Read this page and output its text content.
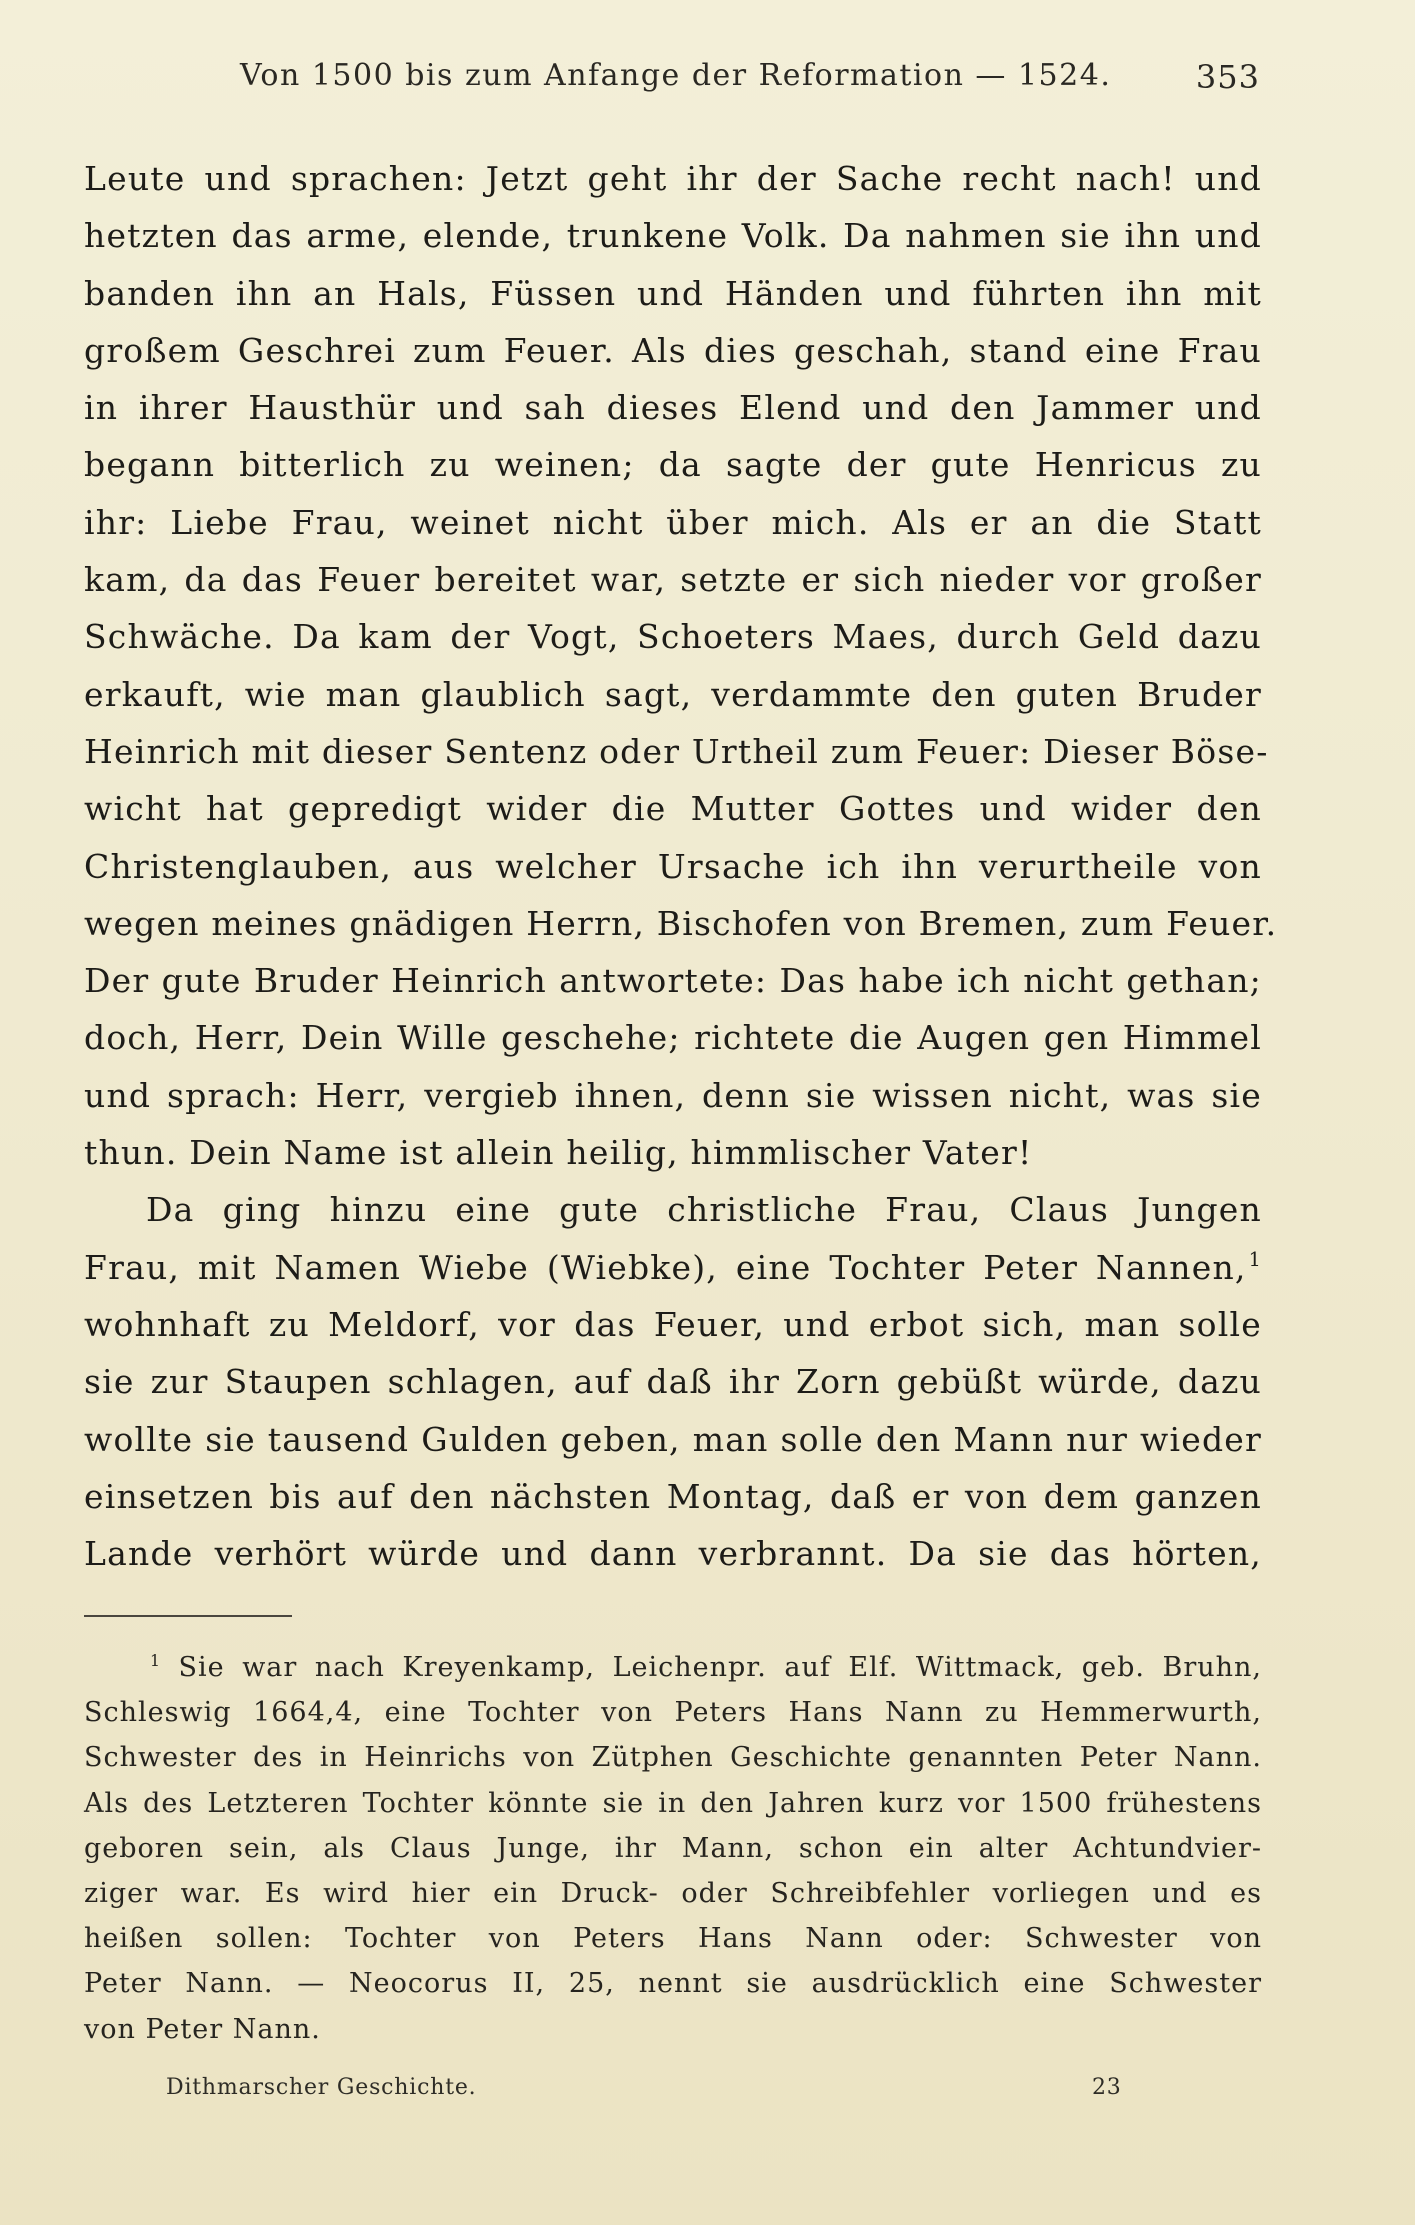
Von 1500 bis zum Anfange der Reformation — 1524.	353
Leute und sprachen: Jetzt geht ihr der Sache recht nach! und
hetzten das arme, elende, trunkene Volk. Da nahmen sie ihn und
banden ihn an Hals, Füssen und Händen und führten ihn mit
großem Geschrei zum Feuer. Als dies geschah, stand eine Frau
in ihrer Hausthür und sah dieses Elend und den Jammer und
begann bitterlich zu weinen; da sagte der gute Henricus zu
ihr: Liebe Frau, weinet nicht über mich. Als er an die Statt
kam, da das Feuer bereitet war, setzte er sich nieder vor großer
Schwäche. Da kam der Vogt, Schoeters Maes, durch Geld dazu
erkauft, wie man glaublich sagt, verdammte den guten Bruder
Heinrich mit dieser Sentenz oder Urtheil zum Feuer: Dieser Böse-
wicht hat gepredigt wider die Mutter Gottes und wider den
Christenglauben, aus welcher Ursache ich ihn verurtheile von
wegen meines gnädigen Herrn, Bischofen von Bremen, zum Feuer.
Der gute Bruder Heinrich antwortete: Das habe ich nicht gethan;
doch, Herr, Dein Wille geschehe; richtete die Augen gen Himmel
und sprach: Herr, vergieb ihnen, denn sie wissen nicht, was sie
thun. Dein Name ist allein heilig, himmlischer Vater!
Da ging hinzu eine gute christliche Frau, Claus Jungen
Frau, mit Namen Wiebe (Wiebke), eine Tochter Peter Nannen, $^1$
wohnhaft zu Meldorf, vor das Feuer, und erbot sich, man solle
sie zur Staupen schlagen, auf daß ihr Zorn gebüßt würde, dazu
wollte sie tausend Gulden geben, man solle den Mann nur wieder
einsetzen bis auf den nächsten Montag, daß er von dem ganzen
Lande verhört würde und dann verbrannt. Da sie das hörten,
$^1$ Sie war nach Kreyenkamp, Leichenpr. auf Elf. Wittmack, geb. Bruhn,
Schleswig 1664,4, eine Tochter von Peters Hans Nann zu Hemmerwurth,
Schwester des in Heinrichs von Zütphen Geschichte genannten Peter Nann.
Als des Letzteren Tochter könnte sie in den Jahren kurz vor 1500 frühestens
geboren sein, als Claus Junge, ihr Mann, schon ein alter Achtundvier-
ziger war. Es wird hier ein Druck- oder Schreibfehler vorliegen und es
heißen sollen: Tochter von Peters Hans Nann oder: Schwester von
Peter Nann. — Neocorus II, 25, nennt sie ausdrücklich eine Schwester
von Peter Nann.
Dithmarscher Geschichte.	23
